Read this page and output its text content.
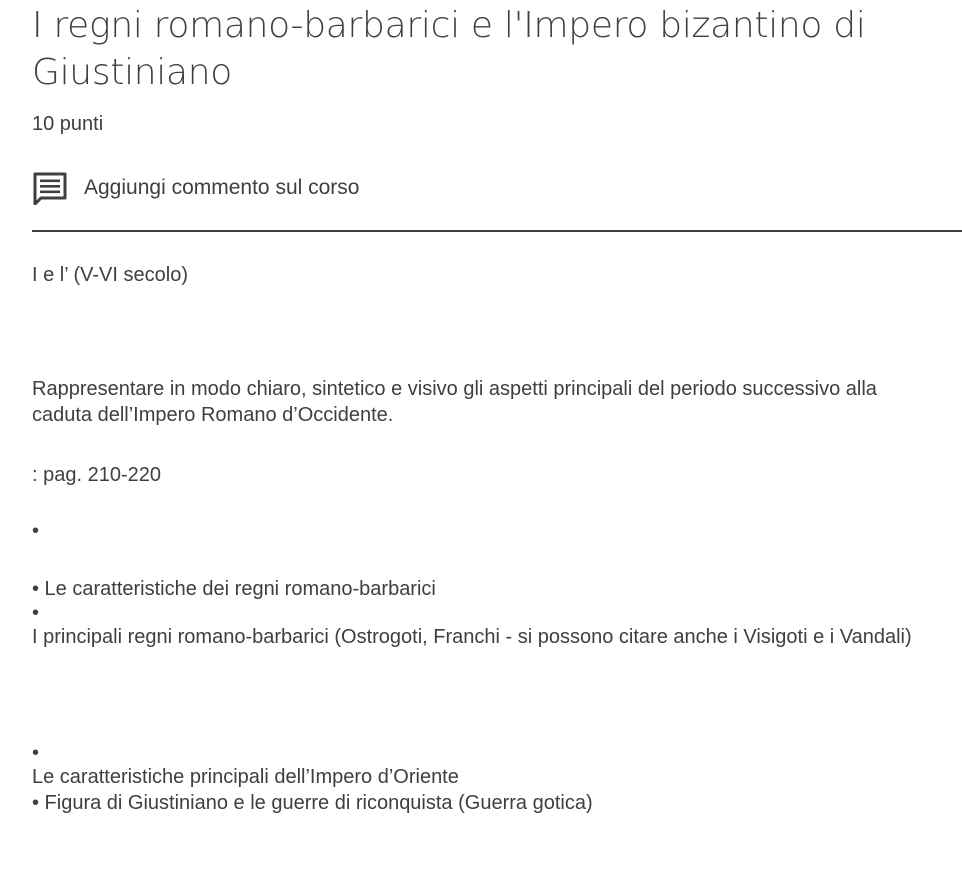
I regni romano-barbarici e l'Impero bizantino di Giustiniano
10 punti
Aggiungi commento sul corso
I e l’ (V-VI secolo)
Rappresentare in modo chiaro, sintetico e visivo gli aspetti principali del periodo successivo alla caduta dell’Impero Romano d’Occidente.
: pag. 210-220
•
• Le caratteristiche dei regni romano-barbarici
•
I principali regni romano-barbarici (Ostrogoti, Franchi - si possono citare anche i Visigoti e i Vandali)
•
Le caratteristiche principali dell’Impero d’Oriente
• Figura di Giustiniano e le guerre di riconquista (Guerra gotica)
